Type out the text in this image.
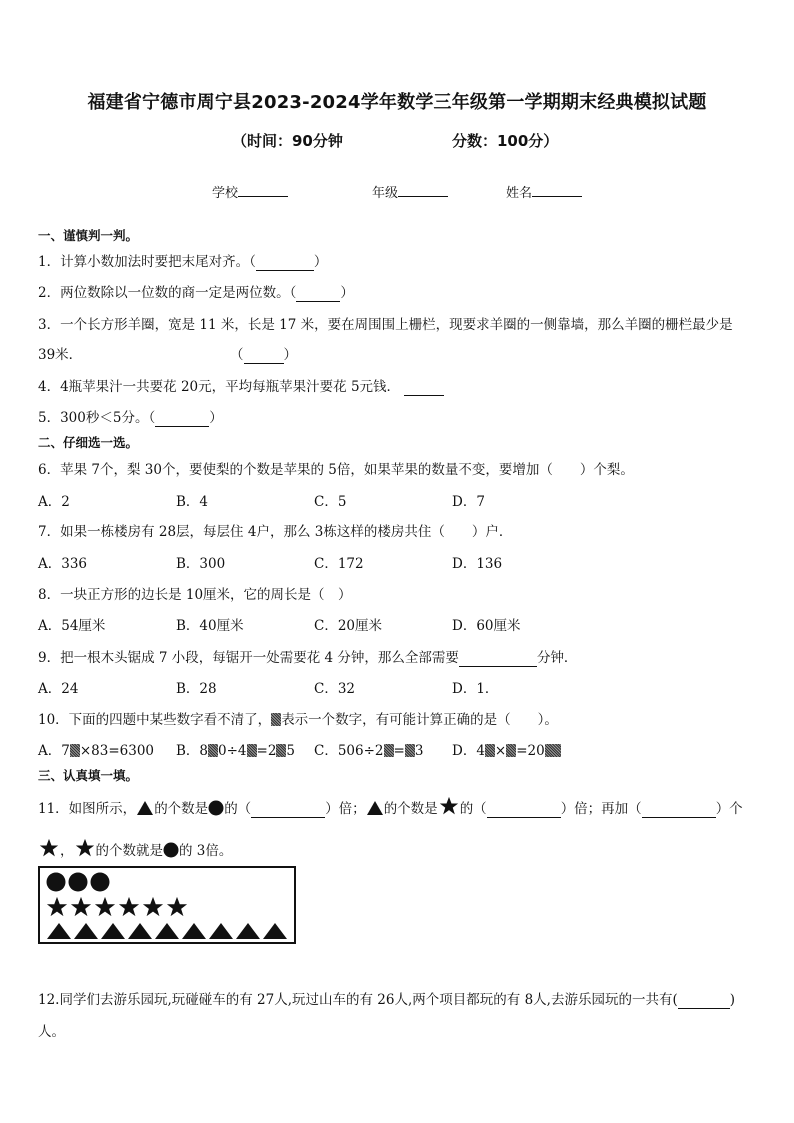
福建省宁德市周宁县2023-2024学年数学三年级第一学期期末经典模拟试题
（时间：90分钟	分数：100分）
学校	年级	姓名
一、谨慎判一判。
1．计算小数加法时要把末尾对齐。（	）
2．两位数除以一位数的商一定是两位数。（	）
3．一个长方形羊圈，宽是 11 米，长是 17 米，要在周围围上栅栏，现要求羊圈的一侧靠墙，那么羊圈的栅栏最少是
39米．	（	）
4．4瓶苹果汁一共要花 20元，平均每瓶苹果汁要花 5元钱．
5．300秒＜5分。（	）
二、仔细选一选。
6．苹果 7个，梨 30个，要使梨的个数是苹果的 5倍，如果苹果的数量不变，要增加（　　）个梨。
A．2	B．4	C．5	D．7
7．如果一栋楼房有 28层，每层住 4户，那么 3栋这样的楼房共住（　　）户．
A．336	B．300	C．172	D．136
8．一块正方形的边长是 10厘米，它的周长是（　）
A．54厘米	B．40厘米	C．20厘米	D．60厘米
9．把一根木头锯成 7 小段，每锯开一处需要花 4 分钟，那么全部需要	分钟．
A．24	B．28	C．32	D．1．
10．下面的四题中某些数字看不清了， 表示一个数字，有可能计算正确的是（　　）。
A．7 ×83=6300 B．8 0÷4 =2 5 C．506÷2 = 3 D．4 × =20
三、认真填一填。
11．如图所示， 的个数是 的（	）倍； 的个数是 的（	）倍；再加（	）个
， 的个数就是 的 3倍。
12.同学们去游乐园玩,玩碰碰车的有 27人,玩过山车的有 26人,两个项目都玩的有 8人,去游乐园玩的一共有(	)
人。
